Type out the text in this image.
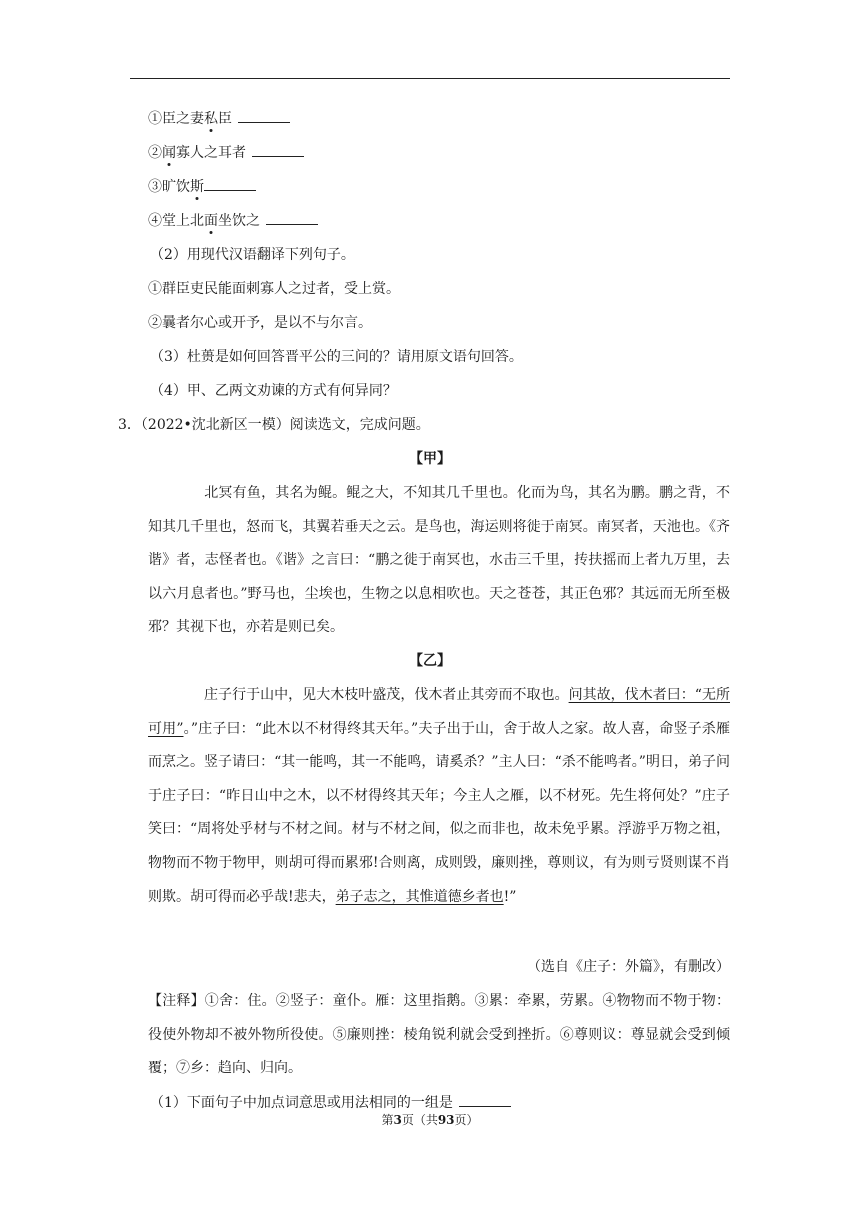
①臣之妻私臣
②闻寡人之耳者
③旷饮斯
④堂上北面坐饮之
（2）用现代汉语翻译下列句子。
①群臣吏民能面刺寡人之过者，受上赏。
②曩者尔心或开予，是以不与尔言。
（3）杜蒉是如何回答晋平公的三问的？请用原文语句回答。
（4）甲、乙两文劝谏的方式有何异同？
3．（2022•沈北新区一模）阅读选文，完成问题。
【甲】
北冥有鱼，其名为鲲。鲲之大，不知其几千里也。化而为鸟，其名为鹏。鹏之背，不知其几千里也，怒而飞，其翼若垂天之云。是鸟也，海运则将徙于南冥。南冥者，天池也。《齐谐》者，志怪者也。《谐》之言曰：“鹏之徙于南冥也，水击三千里，抟扶摇而上者九万里，去以六月息者也。”野马也，尘埃也，生物之以息相吹也。天之苍苍，其正色邪？其远而无所至极邪？其视下也，亦若是则已矣。
【乙】
庄子行于山中，见大木枝叶盛茂，伐木者止其旁而不取也。问其故，伐木者曰：“无所可用”。”庄子曰：“此木以不材得终其天年。”夫子出于山，舍于故人之家。故人喜，命竖子杀雁而烹之。竖子请曰：“其一能鸣，其一不能鸣，请奚杀？”主人曰：“杀不能鸣者。”明日，弟子问于庄子曰：“昨日山中之木，以不材得终其天年；今主人之雁，以不材死。先生将何处？”庄子笑曰：“周将处乎材与不材之间。材与不材之间，似之而非也，故未免乎累。浮游乎万物之祖，物物而不物于物甲，则胡可得而累邪!合则离，成则毁，廉则挫，尊则议，有为则亏贤则谋不肖则欺。胡可得而必乎哉!悲夫，弟子志之，其惟道德乡者也!”
（选自《庄子：外篇》，有删改）
【注释】①舍：住。②竖子：童仆。雁：这里指鹅。③累：牵累，劳累。④物物而不物于物：役使外物却不被外物所役使。⑤廉则挫：棱角锐利就会受到挫折。⑥尊则议：尊显就会受到倾覆；⑦乡：趋向、归向。
（1）下面句子中加点词意思或用法相同的一组是
第3页（共93页）
